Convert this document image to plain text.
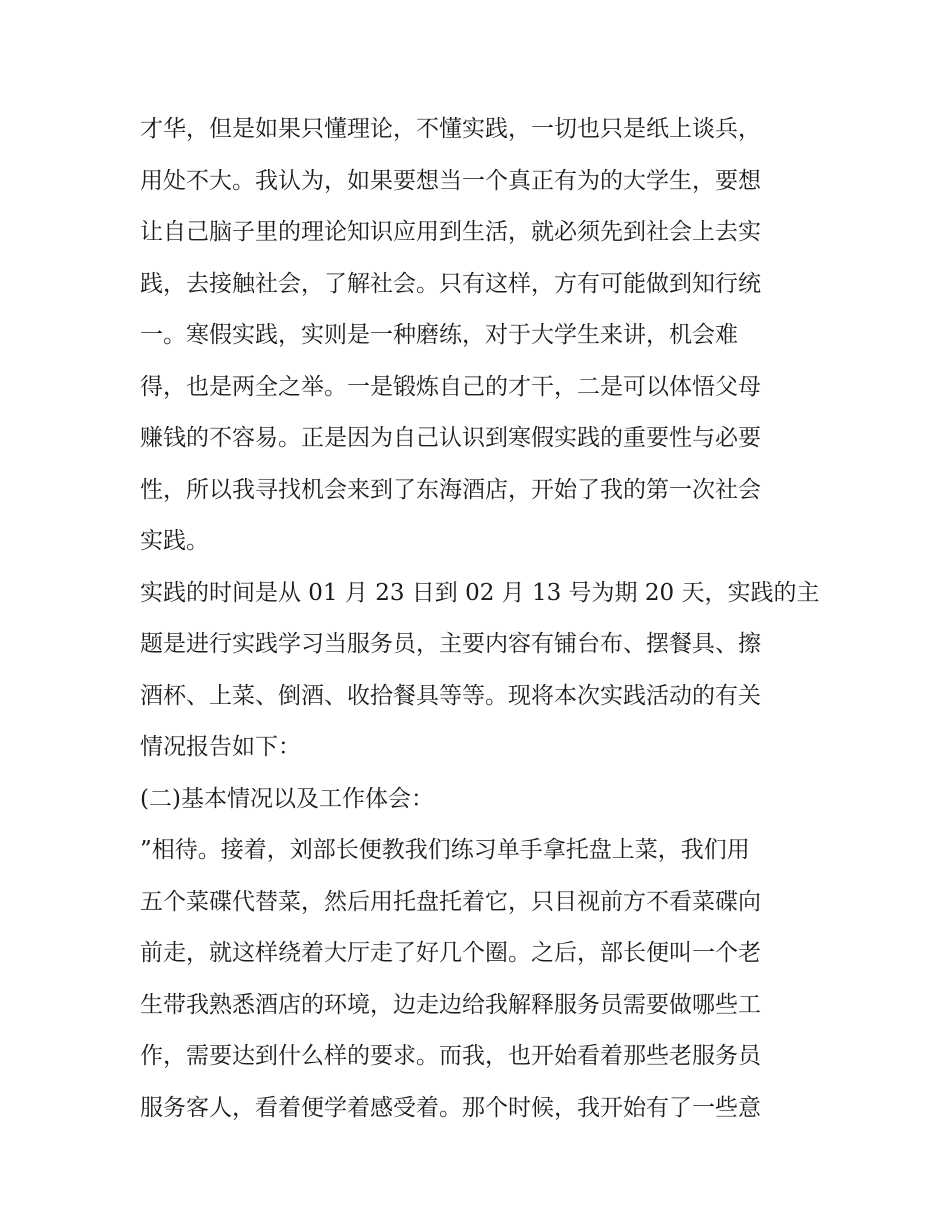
才华，但是如果只懂理论，不懂实践，一切也只是纸上谈兵，
用处不大。我认为，如果要想当一个真正有为的大学生，要想
让自己脑子里的理论知识应用到生活，就必须先到社会上去实
践，去接触社会，了解社会。只有这样，方有可能做到知行统
一。寒假实践，实则是一种磨练，对于大学生来讲，机会难
得，也是两全之举。一是锻炼自己的才干，二是可以体悟父母
赚钱的不容易。正是因为自己认识到寒假实践的重要性与必要
性，所以我寻找机会来到了东海酒店，开始了我的第一次社会
实践。
实践的时间是从 01 月 23 日到 02 月 13 号为期 20 天，实践的主
题是进行实践学习当服务员，主要内容有铺台布、摆餐具、擦
酒杯、上菜、倒酒、收拾餐具等等。现将本次实践活动的有关
情况报告如下：
(二)基本情况以及工作体会：
”相待。接着，刘部长便教我们练习单手拿托盘上菜，我们用
五个菜碟代替菜，然后用托盘托着它，只目视前方不看菜碟向
前走，就这样绕着大厅走了好几个圈。之后，部长便叫一个老
生带我熟悉酒店的环境，边走边给我解释服务员需要做哪些工
作，需要达到什么样的要求。而我，也开始看着那些老服务员
服务客人，看着便学着感受着。那个时候，我开始有了一些意
